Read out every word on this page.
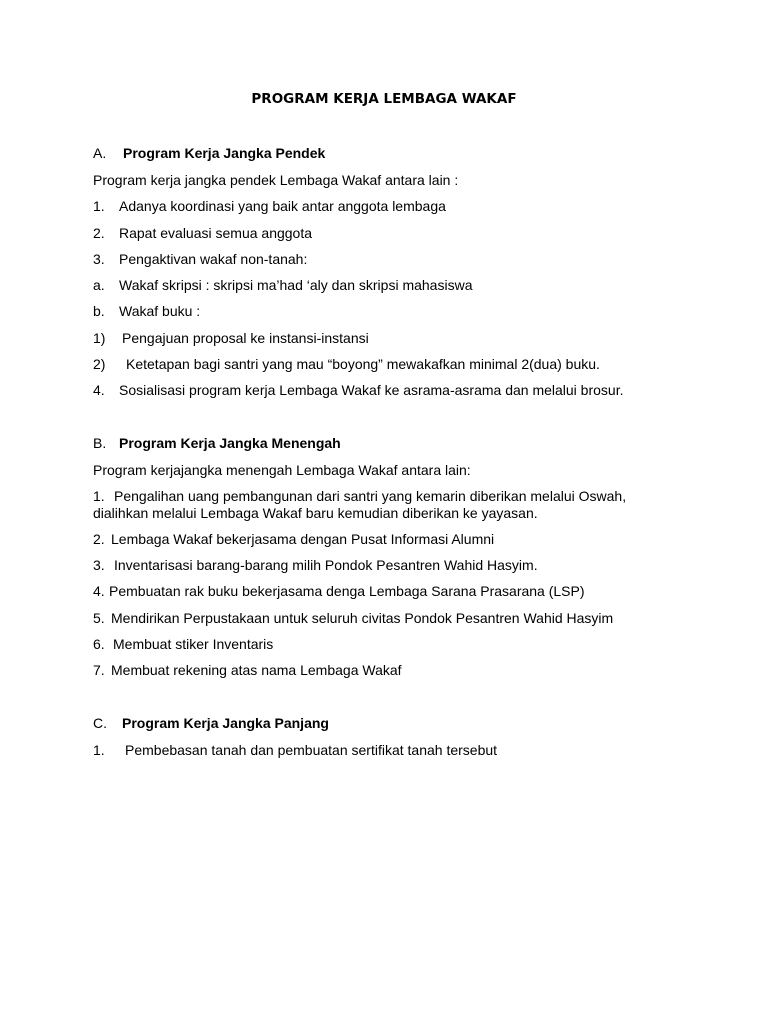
PROGRAM KERJA LEMBAGA WAKAF
A. Program Kerja Jangka Pendek
Program kerja jangka pendek Lembaga Wakaf antara lain :
1. Adanya koordinasi yang baik antar anggota lembaga
2. Rapat evaluasi semua anggota
3. Pengaktivan wakaf non-tanah:
a. Wakaf skripsi : skripsi ma’had ‘aly dan skripsi mahasiswa
b. Wakaf buku :
1) Pengajuan proposal ke instansi-instansi
2) Ketetapan bagi santri yang mau “boyong” mewakafkan minimal 2(dua) buku.
4. Sosialisasi program kerja Lembaga Wakaf ke asrama-asrama dan melalui brosur.
B. Program Kerja Jangka Menengah
Program kerjajangka menengah Lembaga Wakaf antara lain:
1. Pengalihan uang pembangunan dari santri yang kemarin diberikan melalui Oswah,
dialihkan melalui Lembaga Wakaf baru kemudian diberikan ke yayasan.
2. Lembaga Wakaf bekerjasama dengan Pusat Informasi Alumni
3. Inventarisasi barang-barang milih Pondok Pesantren Wahid Hasyim.
4. Pembuatan rak buku bekerjasama denga Lembaga Sarana Prasarana (LSP)
5. Mendirikan Perpustakaan untuk seluruh civitas Pondok Pesantren Wahid Hasyim
6. Membuat stiker Inventaris
7. Membuat rekening atas nama Lembaga Wakaf
C. Program Kerja Jangka Panjang
1. Pembebasan tanah dan pembuatan sertifikat tanah tersebut
